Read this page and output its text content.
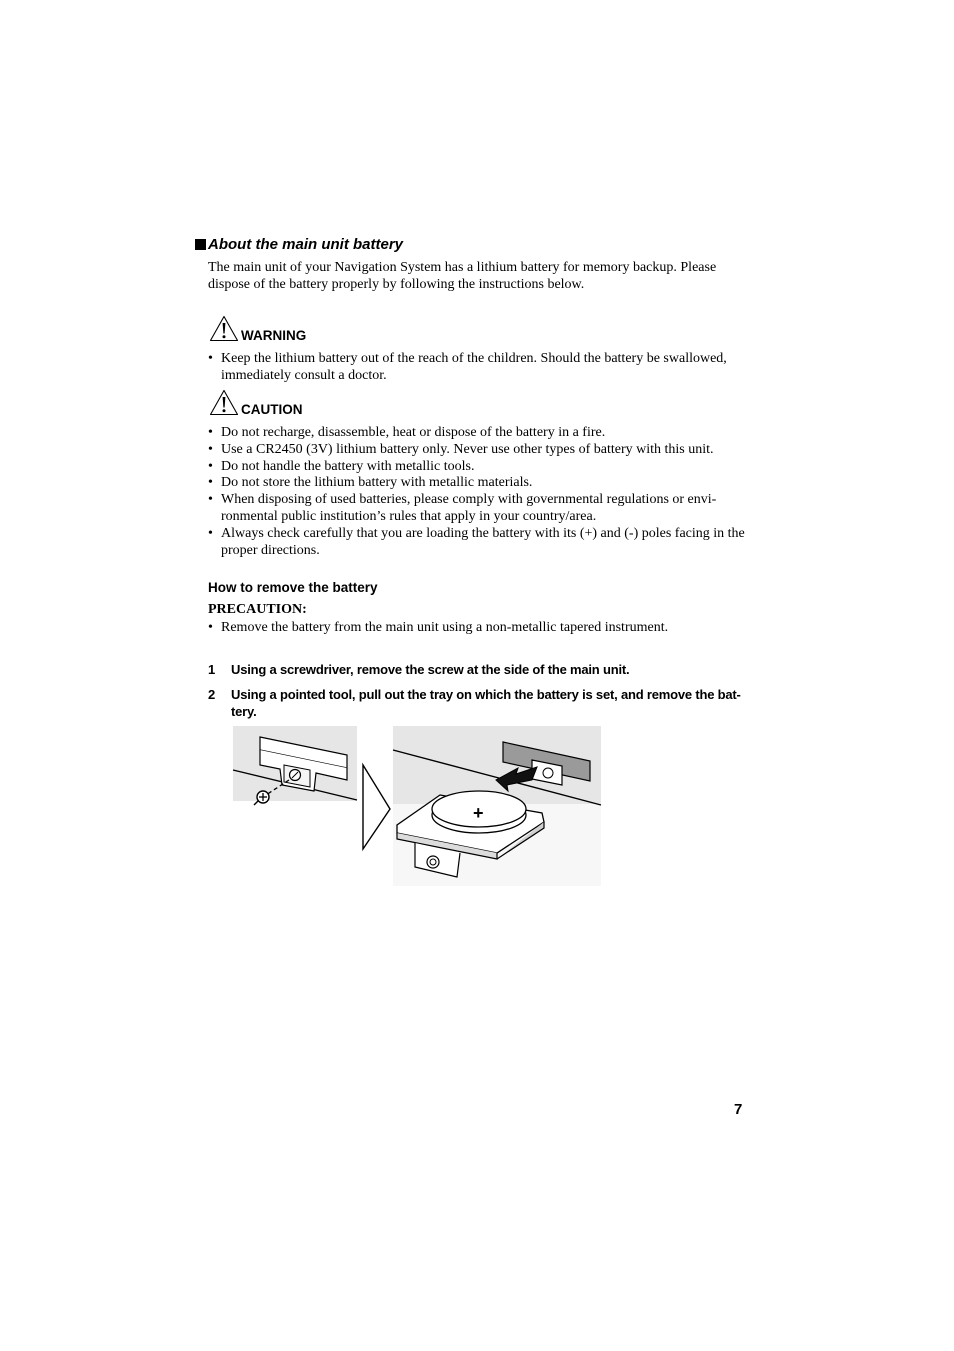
About the main unit battery
The main unit of your Navigation System has a lithium battery for memory backup. Please dispose of the battery properly by following the instructions below.
WARNING
• Keep the lithium battery out of the reach of the children. Should the battery be swallowed, immediately consult a doctor.
CAUTION
• Do not recharge, disassemble, heat or dispose of the battery in a fire.
• Use a CR2450 (3V) lithium battery only. Never use other types of battery with this unit.
• Do not handle the battery with metallic tools.
• Do not store the lithium battery with metallic materials.
• When disposing of used batteries, please comply with governmental regulations or envi-ronmental public institution’s rules that apply in your country/area.
• Always check carefully that you are loading the battery with its (+) and (-) poles facing in the proper directions.
How to remove the battery
PRECAUTION:
• Remove the battery from the main unit using a non-metallic tapered instrument.
1 Using a screwdriver, remove the screw at the side of the main unit.
2 Using a pointed tool, pull out the tray on which the battery is set, and remove the bat-tery.
+
7
